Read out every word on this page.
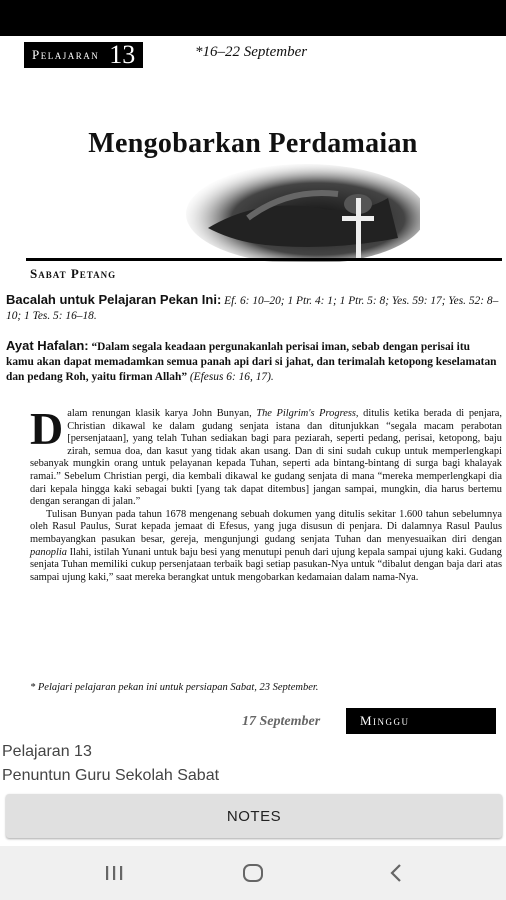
Pelajaran 13	*16–22 September
Mengobarkan Perdamaian
Sabat Petang
Bacalah untuk Pelajaran Pekan Ini: Ef. 6: 10–20; 1 Ptr. 4: 1; 1 Ptr. 5: 8; Yes. 59: 17; Yes. 52: 8–10; 1 Tes. 5: 16–18.
Ayat Hafalan: “Dalam segala keadaan pergunakanlah perisai iman, sebab dengan perisai itu kamu akan dapat memadamkan semua panah api dari si jahat, dan terimalah ketopong keselamatan dan pedang Roh, yaitu firman Allah” (Efesus 6: 16, 17).

Dalam renungan klasik karya John Bunyan, The Pilgrim's Progress, ditulis ketika berada di penjara, Christian dikawal ke dalam gudang senjata istana dan ditunjukkan “segala macam perabotan [persenjataan], yang telah Tuhan sediakan bagi para peziarah, seperti pedang, perisai, ketopong, baju zirah, semua doa, dan kasut yang tidak akan usang. Dan di sini sudah cukup untuk memperlengkapi sebanyak mungkin orang untuk pelayanan kepada Tuhan, seperti ada bintang-bintang di surga bagi khalayak ramai.” Sebelum Christian pergi, dia kembali dikawal ke gudang senjata di mana “mereka memperlengkapi dia dari kepala hingga kaki sebagai bukti [yang tak dapat ditembus] jangan sampai, mungkin, dia harus bertemu dengan serangan di jalan.”

Tulisan Bunyan pada tahun 1678 mengenang sebuah dokumen yang ditulis sekitar 1.600 tahun sebelumnya oleh Rasul Paulus, Surat kepada jemaat di Efesus, yang juga disusun di penjara. Di dalamnya Rasul Paulus membayangkan pasukan besar, gereja, mengunjungi gudang senjata Tuhan dan menyesuaikan diri dengan panoplia Ilahi, istilah Yunani untuk baju besi yang menutupi penuh dari ujung kepala sampai ujung kaki. Gudang senjata Tuhan memiliki cukup persenjataan terbaik bagi setiap pasukan-Nya untuk “dibalut dengan baja dari atas sampai ujung kaki,” saat mereka berangkat untuk mengobarkan kedamaian dalam nama-Nya.

* Pelajari pelajaran pekan ini untuk persiapan Sabat, 23 September.
17 September	Minggu
Pelajaran 13
Penuntun Guru Sekolah Sabat
NOTES
